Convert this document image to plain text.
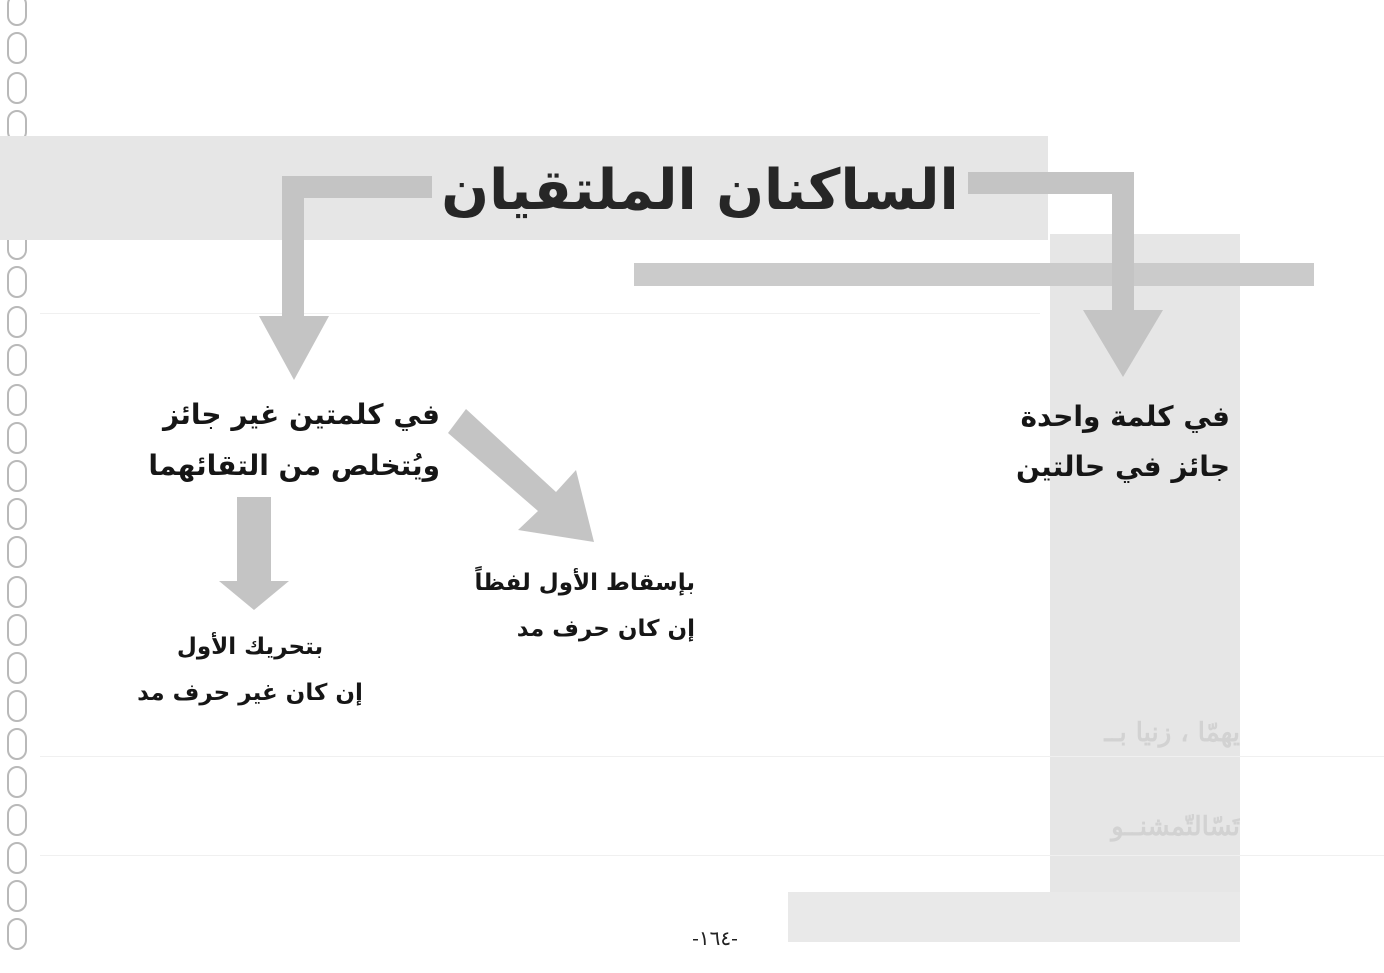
يهمّا ، زنيا بــ
تَسّالتّمشنــو
الساكنان الملتقيان
في كلمة واحدة
جائز في حالتين
في كلمتين غير جائز
ويُتخلص من التقائهما
بإسقاط الأول لفظاً
إن كان حرف مد
بتحريك الأول
إن كان غير حرف مد
-١٦٤-
